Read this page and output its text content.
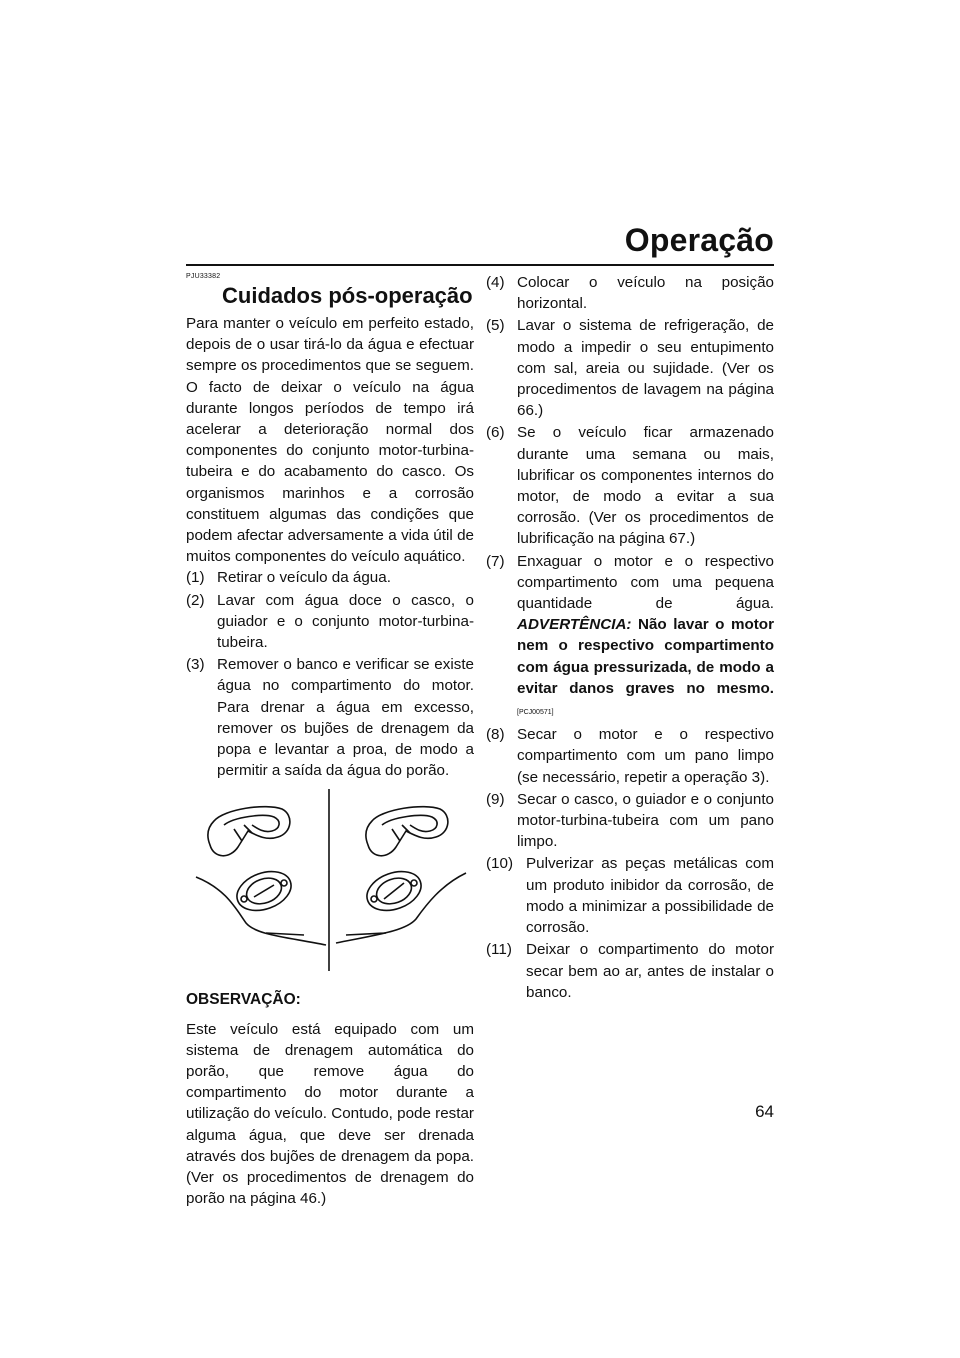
Operação
PJU33382
Cuidados pós-operação

Para manter o veículo em perfeito estado, depois de o usar tirá-lo da água e efectuar sempre os procedimentos que se seguem. O facto de deixar o veículo na água durante longos períodos de tempo irá acelerar a deterioração normal dos componentes do conjunto motor-turbina-tubeira e do acabamento do casco. Os organismos marinhos e a corrosão constituem algumas das condições que podem afectar adversamente a vida útil de muitos componentes do veículo aquático.

(1) Retirar o veículo da água.
(2) Lavar com água doce o casco, o guiador e o conjunto motor-turbina-tubeira.
(3) Remover o banco e verificar se existe água no compartimento do motor. Para drenar a água em excesso, remover os bujões de drenagem da popa e levantar a proa, de modo a permitir a saída da água do porão.
OBSERVAÇÃO:

Este veículo está equipado com um sistema de drenagem automática do porão, que remove água do compartimento do motor durante a utilização do veículo. Contudo, pode restar alguma água, que deve ser drenada através dos bujões de drenagem da popa. (Ver os procedimentos de drenagem do porão na página 46.)

(4) Colocar o veículo na posição horizontal.
(5) Lavar o sistema de refrigeração, de modo a impedir o seu entupimento com sal, areia ou sujidade. (Ver os procedimentos de lavagem na página 66.)
(6) Se o veículo ficar armazenado durante uma semana ou mais, lubrificar os componentes internos do motor, de modo a evitar a sua corrosão. (Ver os procedimentos de lubrificação na página 67.)
(7) Enxaguar o motor e o respectivo compartimento com uma pequena quantidade de água. ADVERTÊNCIA: Não lavar o motor nem o respectivo compartimento com água pressurizada, de modo a evitar danos graves no mesmo. [PCJ00571]
(8) Secar o motor e o respectivo compartimento com um pano limpo (se necessário, repetir a operação 3).
(9) Secar o casco, o guiador e o conjunto motor-turbina-tubeira com um pano limpo.
(10) Pulverizar as peças metálicas com um produto inibidor da corrosão, de modo a minimizar a possibilidade de corrosão.
(11) Deixar o compartimento do motor secar bem ao ar, antes de instalar o banco.
64
